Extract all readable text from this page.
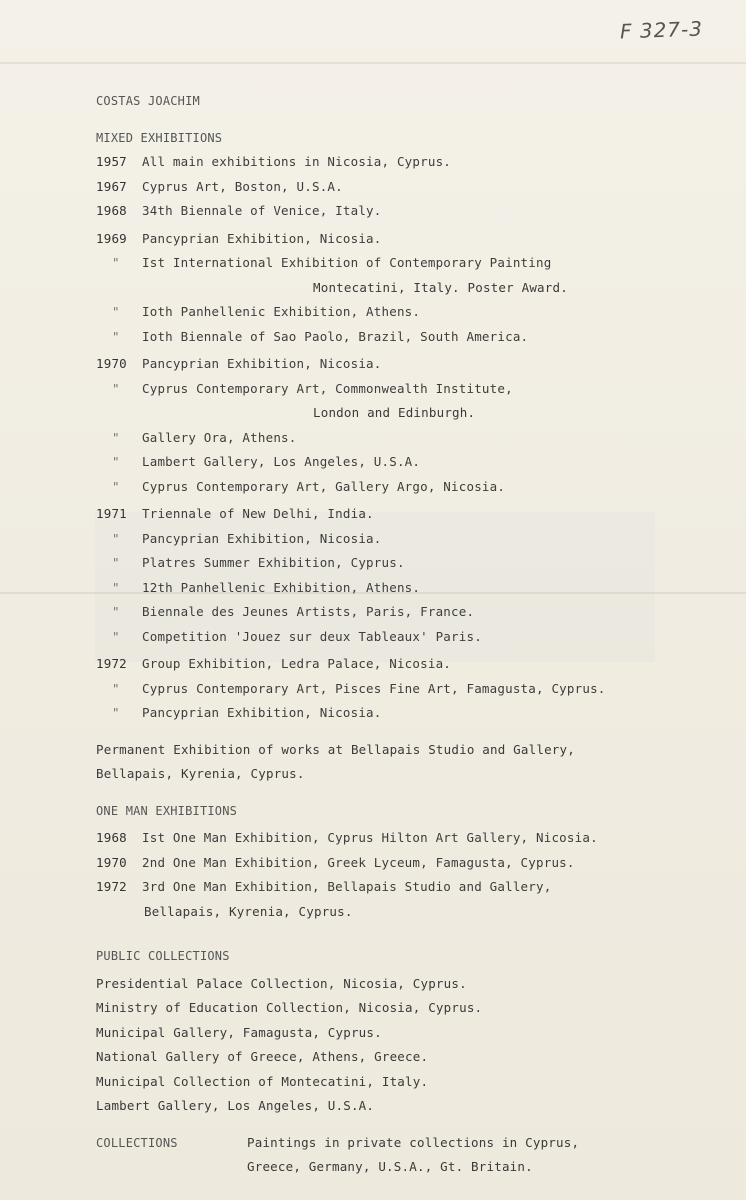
F 327-3
COSTAS JOACHIM
MIXED EXHIBITIONS
1957 All main exhibitions in Nicosia, Cyprus.
1967 Cyprus Art, Boston, U.S.A.
1968 34th Biennale of Venice, Italy.
1969 Pancyprian Exhibition, Nicosia.
" Ist International Exhibition of Contemporary Painting
Montecatini, Italy. Poster Award.
" Ioth Panhellenic Exhibition, Athens.
" Ioth Biennale of Sao Paolo, Brazil, South America.
1970 Pancyprian Exhibition, Nicosia.
" Cyprus Contemporary Art, Commonwealth Institute,
London and Edinburgh.
" Gallery Ora, Athens.
" Lambert Gallery, Los Angeles, U.S.A.
" Cyprus Contemporary Art, Gallery Argo, Nicosia.
1971 Triennale of New Delhi, India.
" Pancyprian Exhibition, Nicosia.
" Platres Summer Exhibition, Cyprus.
" 12th Panhellenic Exhibition, Athens.
" Biennale des Jeunes Artists, Paris, France.
" Competition 'Jouez sur deux Tableaux' Paris.
1972 Group Exhibition, Ledra Palace, Nicosia.
" Cyprus Contemporary Art, Pisces Fine Art, Famagusta, Cyprus.
" Pancyprian Exhibition, Nicosia.
Permanent Exhibition of works at Bellapais Studio and Gallery,
Bellapais, Kyrenia, Cyprus.
ONE MAN EXHIBITIONS
1968 Ist One Man Exhibition, Cyprus Hilton Art Gallery, Nicosia.
1970 2nd One Man Exhibition, Greek Lyceum, Famagusta, Cyprus.
1972 3rd One Man Exhibition, Bellapais Studio and Gallery,
Bellapais, Kyrenia, Cyprus.
PUBLIC COLLECTIONS
Presidential Palace Collection, Nicosia, Cyprus.
Ministry of Education Collection, Nicosia, Cyprus.
Municipal Gallery, Famagusta, Cyprus.
National Gallery of Greece, Athens, Greece.
Municipal Collection of Montecatini, Italy.
Lambert Gallery, Los Angeles, U.S.A.
COLLECTIONS	Paintings in private collections in Cyprus,
Greece, Germany, U.S.A., Gt. Britain.
